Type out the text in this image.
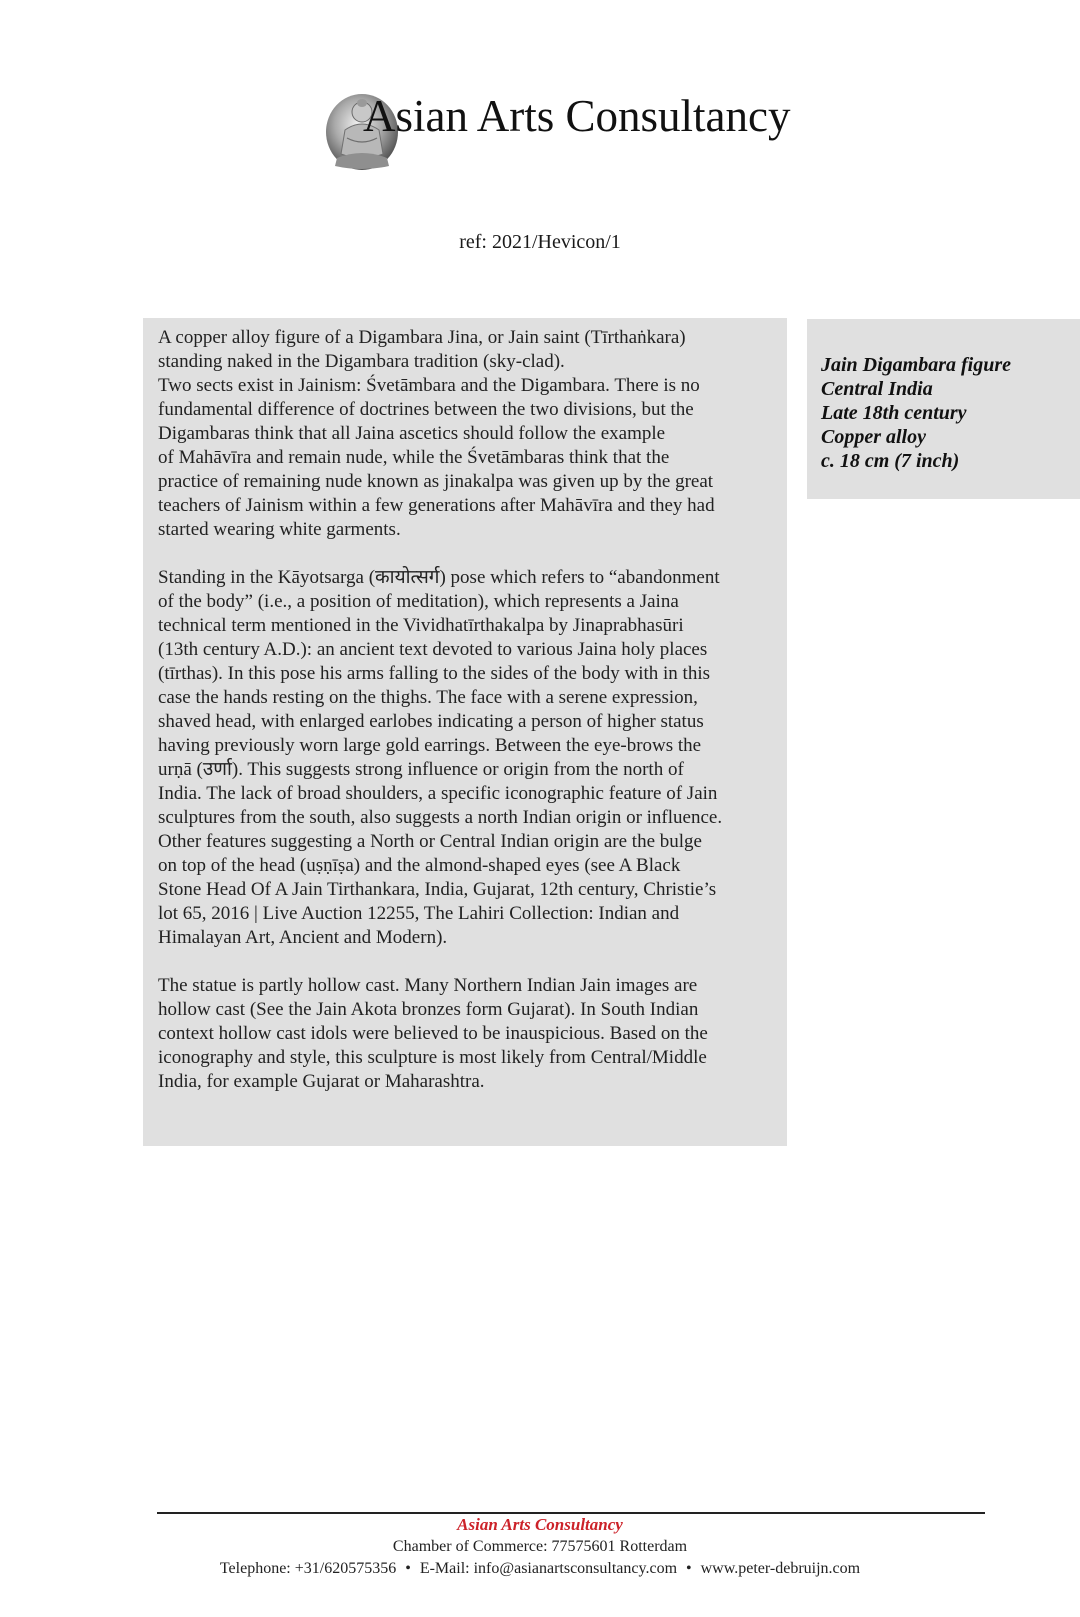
Asian Arts Consultancy
ref: 2021/Hevicon/1

A copper alloy figure of a Digambara Jina, or Jain saint (Tīrthaṅkara)
standing naked in the Digambara tradition (sky-clad).
Two sects exist in Jainism: Śvetāmbara and the Digambara. There is no
fundamental difference of doctrines between the two divisions, but the
Digambaras think that all Jaina ascetics should follow the example
of Mahāvīra and remain nude, while the Śvetāmbaras think that the
practice of remaining nude known as jinakalpa was given up by the great
teachers of Jainism within a few generations after Mahāvīra and they had
started wearing white garments.

Standing in the Kāyotsarga (कायोत्सर्ग) pose which refers to “abandonment
of the body” (i.e., a position of meditation), which represents a Jaina
technical term mentioned in the Vividhatīrthakalpa by Jinaprabhasūri
(13th century A.D.): an ancient text devoted to various Jaina holy places
(tīrthas). In this pose his arms falling to the sides of the body with in this
case the hands resting on the thighs. The face with a serene expression,
shaved head, with enlarged earlobes indicating a person of higher status
having previously worn large gold earrings. Between the eye-brows the
urṇā (उर्णा). This suggests strong influence or origin from the north of
India. The lack of broad shoulders, a specific iconographic feature of Jain
sculptures from the south, also suggests a north Indian origin or influence.
Other features suggesting a North or Central Indian origin are the bulge
on top of the head (uṣṇīṣa) and the almond-shaped eyes (see A Black
Stone Head Of A Jain Tirthankara, India, Gujarat, 12th century, Christie’s
lot 65, 2016 | Live Auction 12255, The Lahiri Collection: Indian and
Himalayan Art, Ancient and Modern).

The statue is partly hollow cast. Many Northern Indian Jain images are
hollow cast (See the Jain Akota bronzes form Gujarat). In South Indian
context hollow cast idols were believed to be inauspicious. Based on the
iconography and style, this sculpture is most likely from Central/Middle
India, for example Gujarat or Maharashtra.

Jain Digambara figure
Central India
Late 18th century
Copper alloy
c. 18 cm (7 inch)
Asian Arts Consultancy
Chamber of Commerce: 77575601 Rotterdam
Telephone: +31/620575356 • E-Mail: info@asianartsconsultancy.com • www.peter-debruijn.com
